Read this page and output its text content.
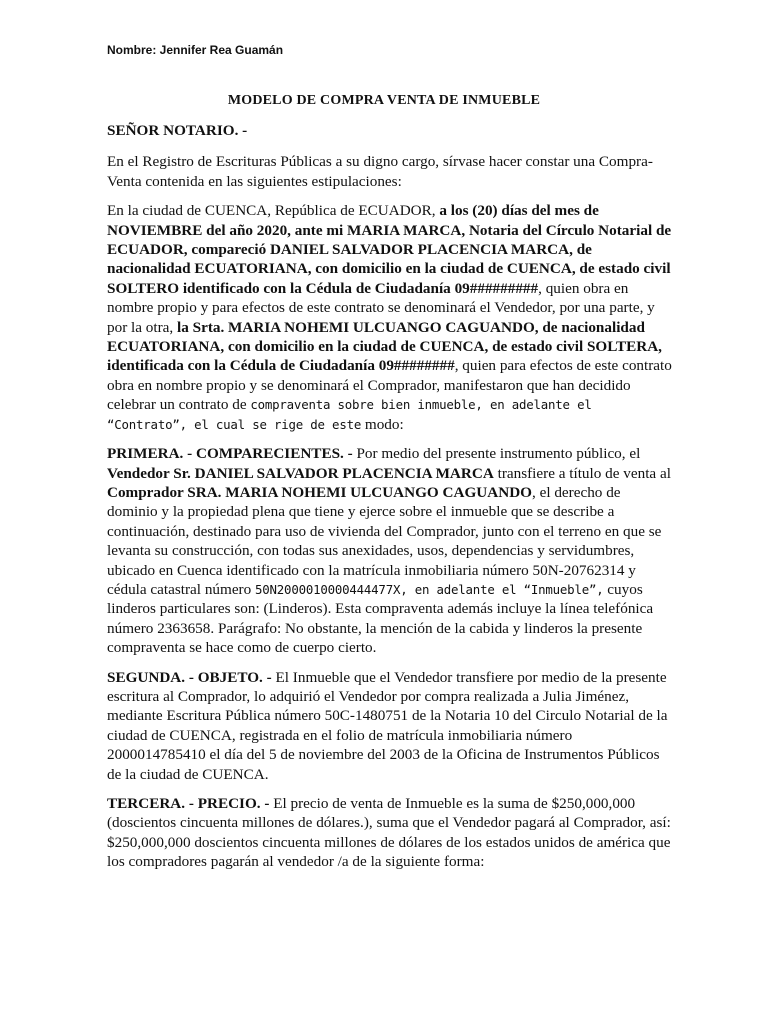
Nombre: Jennifer Rea Guamán
MODELO DE COMPRA VENTA DE INMUEBLE

SEÑOR NOTARIO. -

En el Registro de Escrituras Públicas a su digno cargo, sírvase hacer constar una Compra-Venta contenida en las siguientes estipulaciones:

En la ciudad de CUENCA, República de ECUADOR, a los (20) días del mes de NOVIEMBRE del año 2020, ante mi MARIA MARCA, Notaria del Círculo Notarial de ECUADOR, compareció DANIEL SALVADOR PLACENCIA MARCA, de nacionalidad ECUATORIANA, con domicilio en la ciudad de CUENCA, de estado civil SOLTERO identificado con la Cédula de Ciudadanía 09#########, quien obra en nombre propio y para efectos de este contrato se denominará el Vendedor, por una parte, y por la otra, la Srta. MARIA NOHEMI ULCUANGO CAGUANDO, de nacionalidad ECUATORIANA, con domicilio en la ciudad de CUENCA, de estado civil SOLTERA, identificada con la Cédula de Ciudadanía 09########, quien para efectos de este contrato obra en nombre propio y se denominará el Comprador, manifestaron que han decidido celebrar un contrato de compraventa sobre bien inmueble, en adelante el “Contrato”, el cual se rige de este modo:

PRIMERA. - COMPARECIENTES. - Por medio del presente instrumento público, el Vendedor Sr. DANIEL SALVADOR PLACENCIA MARCA transfiere a título de venta al Comprador SRA. MARIA NOHEMI ULCUANGO CAGUANDO, el derecho de dominio y la propiedad plena que tiene y ejerce sobre el inmueble que se describe a continuación, destinado para uso de vivienda del Comprador, junto con el terreno en que se levanta su construcción, con todas sus anexidades, usos, dependencias y servidumbres, ubicado en Cuenca identificado con la matrícula inmobiliaria número 50N-20762314 y cédula catastral número 50N20000100004444​77X, en adelante el “Inmueble”, cuyos linderos particulares son: (Linderos). Esta compraventa además incluye la línea telefónica número 2363658. Parágrafo: No obstante, la mención de la cabida y linderos la presente compraventa se hace como de cuerpo cierto.

SEGUNDA. - OBJETO. - El Inmueble que el Vendedor transfiere por medio de la presente escritura al Comprador, lo adquirió el Vendedor por compra realizada a Julia Jiménez, mediante Escritura Pública número 50C-1480751 de la Notaria 10 del Circulo Notarial de la ciudad de CUENCA, registrada en el folio de matrícula inmobiliaria número 2000014785410 el día del 5 de noviembre del 2003 de la Oficina de Instrumentos Públicos de la ciudad de CUENCA.

TERCERA. - PRECIO. - El precio de venta de Inmueble es la suma de $250,000,000 (doscientos cincuenta millones de dólares.), suma que el Vendedor pagará al Comprador, así: $250,000,000 doscientos cincuenta millones de dólares de los estados unidos de américa que los compradores pagarán al vendedor /a de la siguiente forma:
